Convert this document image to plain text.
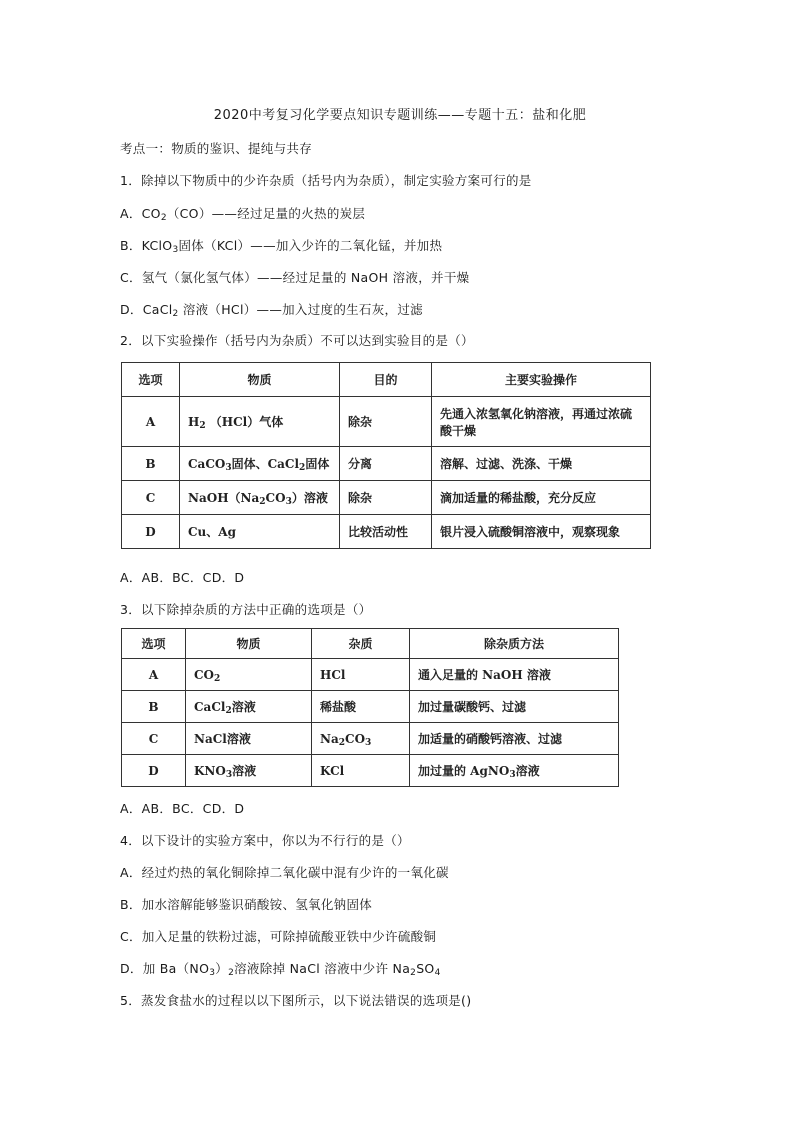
2020中考复习化学要点知识专题训练——专题十五：盐和化肥
考点一：物质的鉴识、提纯与共存
1．除掉以下物质中的少许杂质（括号内为杂质），制定实验方案可行的是
A．$CO_2(CO)——$经过足量的火热的炭层
B．KClO$_3$固体（KCl）——加入少许的二氧化锰，并加热
C．氢气（氯化氢气体）——经过足量的 NaOH 溶液，并干燥
D．CaCl$_2$ 溶液（HCl）——加入过度的生石灰，过滤
2．以下实验操作（括号内为杂质）不可以达到实验目的是（）
选项	物质	目的	主要实验操作
A	$H_2$ （HCl）气体	除杂	先通入浓氢氧化钠溶液，再通过浓硫酸干燥
B	CaCO$_3$固体、CaCl$_2$固体	分离	溶解、过滤、洗涤、干燥
C	$NaOH(Na_2CO_3)$溶液	除杂	滴加适量的稀盐酸，充分反应
D	Cu、Ag	比较活动性	银片浸入硫酸铜溶液中，观察现象
A．AB．BC．CD．D
3．以下除掉杂质的方法中正确的选项是（）
选项	物质	杂质	除杂质方法
A	$CO_2$	HCl	通入足量的 NaOH 溶液
B	CaCl$_2$溶液	稀盐酸	加过量碳酸钙、过滤
C	NaCl溶液	$Na_2CO_3$	加适量的硝酸钙溶液、过滤
D	$KNO_3$溶液	KCl	加过量的 AgNO$_3$溶液
A．AB．BC．CD．D
4．以下设计的实验方案中，你以为不行行的是（）
A．经过灼热的氧化铜除掉二氧化碳中混有少许的一氧化碳
B．加水溶解能够鉴识硝酸铵、氢氧化钠固体
C．加入足量的铁粉过滤，可除掉硫酸亚铁中少许硫酸铜
D．加 $Ba(NO_3)_2$溶液除掉 NaCl 溶液中少许 $Na_2SO_4$
5．蒸发食盐水的过程以以下图所示，以下说法错误的选项是()
